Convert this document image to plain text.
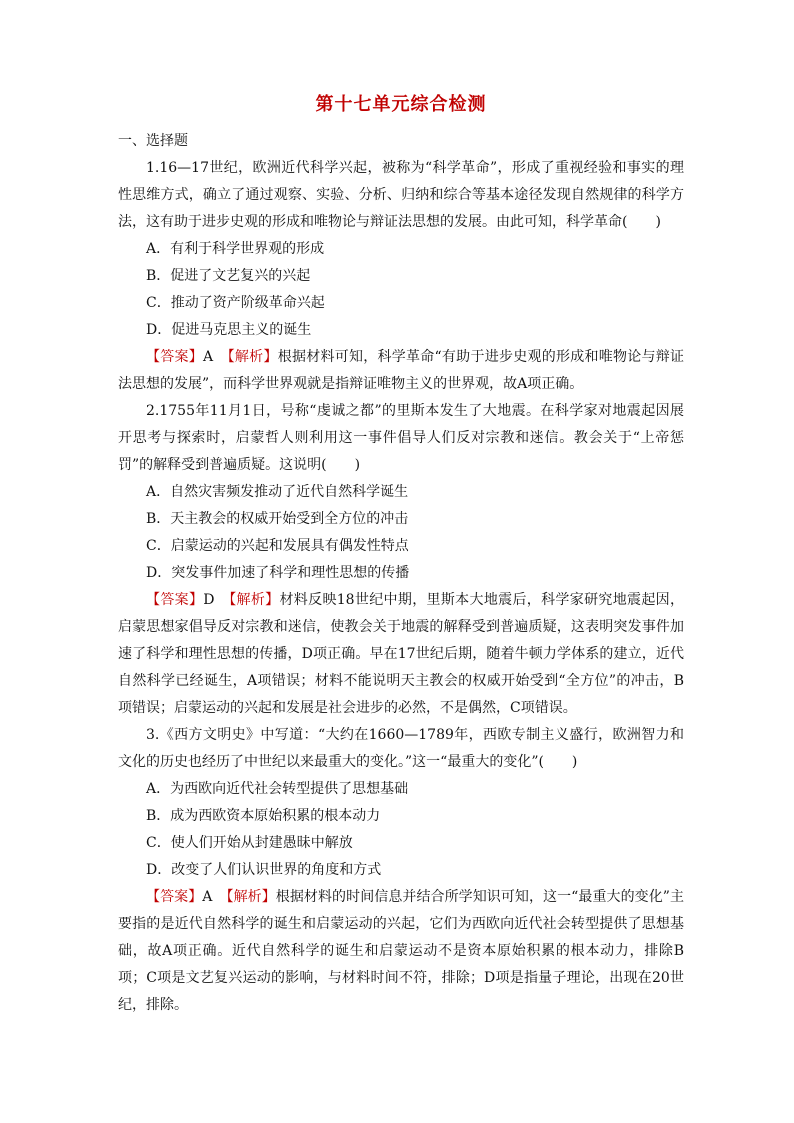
第十七单元综合检测

一、选择题

1.16—17世纪，欧洲近代科学兴起，被称为“科学革命”，形成了重视经验和事实的理性思维方式，确立了通过观察、实验、分析、归纳和综合等基本途径发现自然规律的科学方法，这有助于进步史观的形成和唯物论与辩证法思想的发展。由此可知，科学革命(　　)

A．有利于科学世界观的形成

B．促进了文艺复兴的兴起

C．推动了资产阶级革命兴起

D．促进马克思主义的诞生

【答案】A　 【解析】根据材料可知，科学革命“有助于进步史观的形成和唯物论与辩证法思想的发展”，而科学世界观就是指辩证唯物主义的世界观，故A项正确。

2.1755年11月1日，号称“虔诚之都”的里斯本发生了大地震。在科学家对地震起因展开思考与探索时，启蒙哲人则利用这一事件倡导人们反对宗教和迷信。教会关于“上帝惩罚”的解释受到普遍质疑。这说明(　　)

A．自然灾害频发推动了近代自然科学诞生

B．天主教会的权威开始受到全方位的冲击

C．启蒙运动的兴起和发展具有偶发性特点

D．突发事件加速了科学和理性思想的传播

【答案】D　 【解析】材料反映18世纪中期，里斯本大地震后，科学家研究地震起因，启蒙思想家倡导反对宗教和迷信，使教会关于地震的解释受到普遍质疑，这表明突发事件加速了科学和理性思想的传播，D项正确。早在17世纪后期，随着牛顿力学体系的建立，近代自然科学已经诞生，A项错误；材料不能说明天主教会的权威开始受到“全方位”的冲击，B项错误；启蒙运动的兴起和发展是社会进步的必然，不是偶然，C项错误。

3.《西方文明史》中写道：“大约在1660—1789年，西欧专制主义盛行，欧洲智力和文化的历史也经历了中世纪以来最重大的变化。”这一“最重大的变化”(　　)

A．为西欧向近代社会转型提供了思想基础

B．成为西欧资本原始积累的根本动力

C．使人们开始从封建愚昧中解放

D．改变了人们认识世界的角度和方式

【答案】A　 【解析】根据材料的时间信息并结合所学知识可知，这一“最重大的变化”主要指的是近代自然科学的诞生和启蒙运动的兴起，它们为西欧向近代社会转型提供了思想基础，故A项正确。近代自然科学的诞生和启蒙运动不是资本原始积累的根本动力，排除B项；C项是文艺复兴运动的影响，与材料时间不符，排除；D项是指量子理论，出现在20世纪，排除。
